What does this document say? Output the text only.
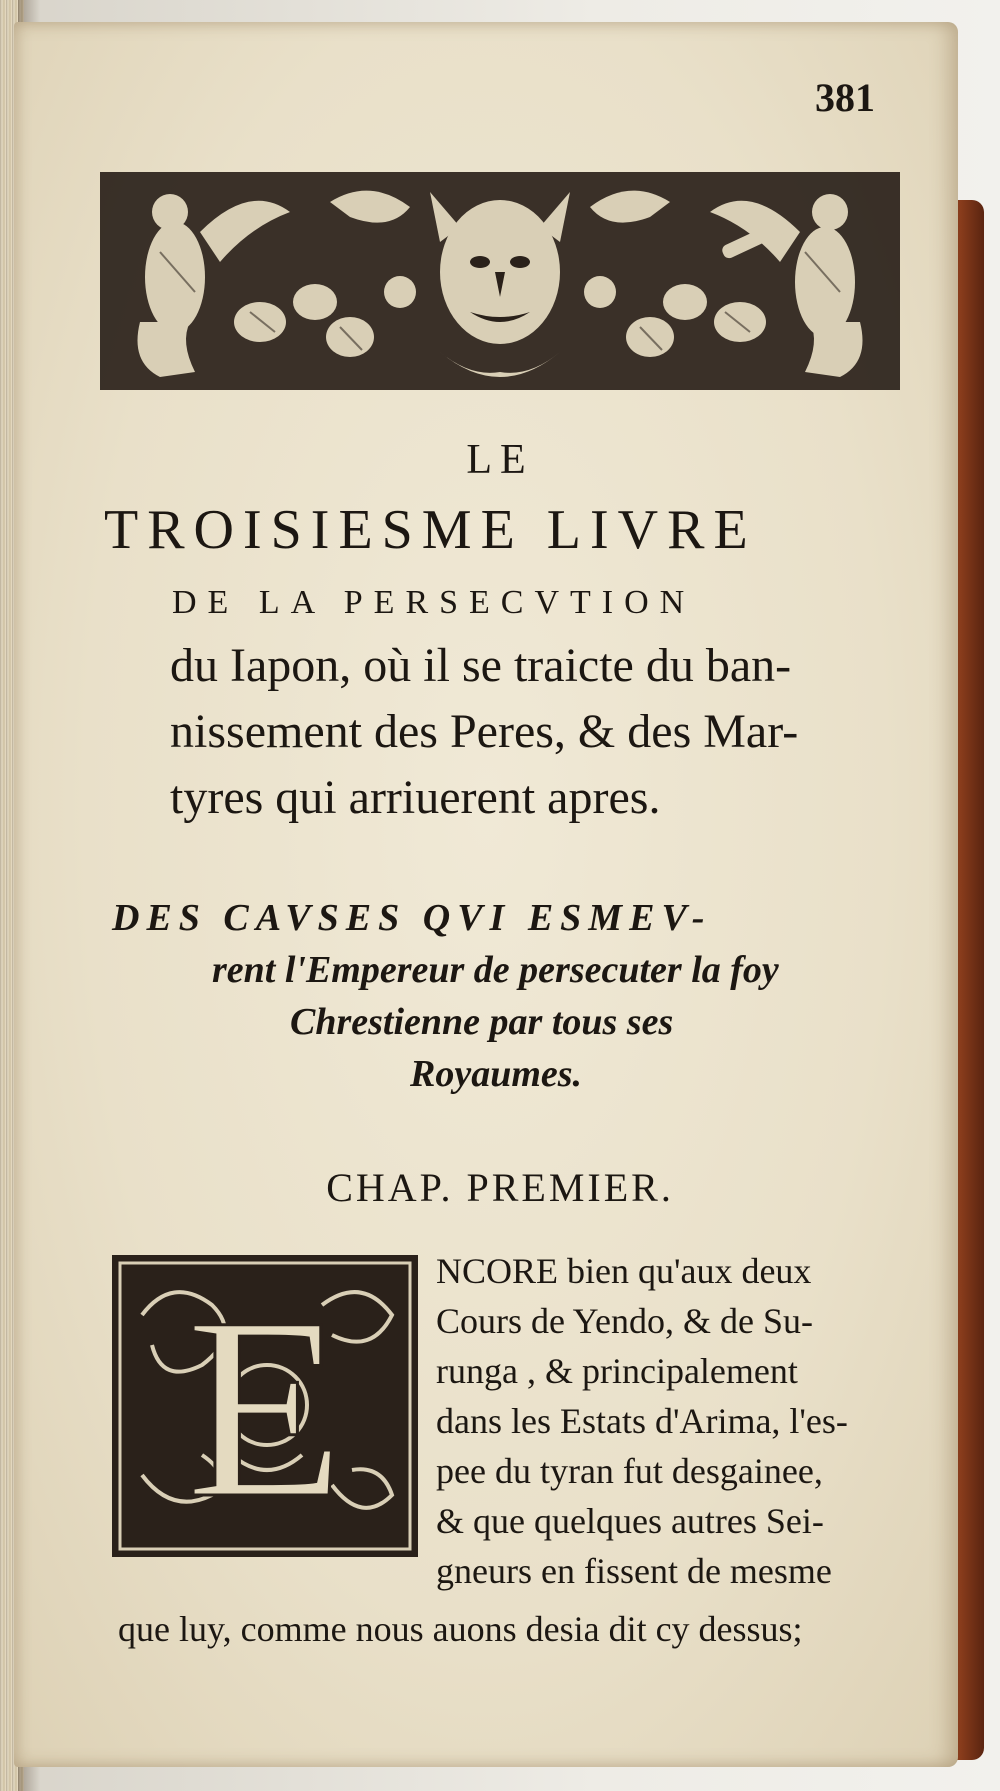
381
LE
TROISIESME LIVRE
DE LA PERSECVTION
du Iapon, où il se traicte du ban-
nissement des Peres, & des Mar-
tyres qui arriuerent apres.
DES CAVSES QVI ESMEV-
rent l'Empereur de persecuter la foy
Chrestienne par tous ses
Royaumes.
CHAP. PREMIER.
E	NCORE bien qu'aux deux
Cours de Yendo, & de Su-
runga , & principalement
dans les Estats d'Arima, l'es-
pee du tyran fut desgainee,
& que quelques autres Sei-
gneurs en fissent de mesme
que luy, comme nous auons desia dit cy dessus;
